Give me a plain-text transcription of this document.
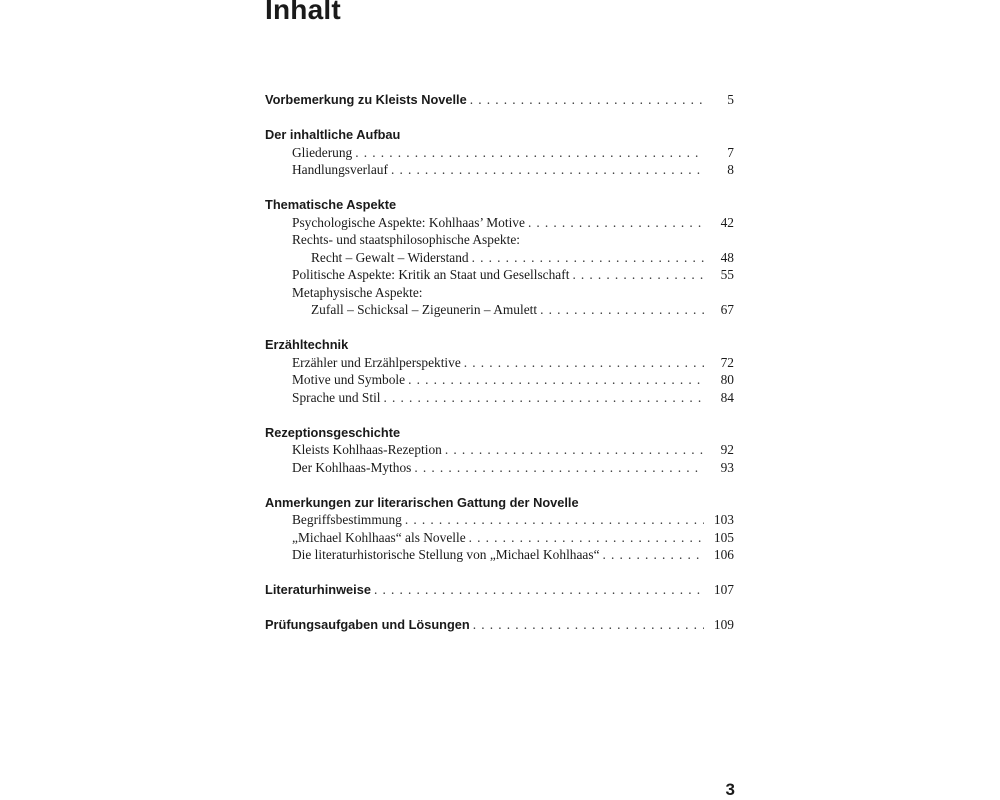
Inhalt
Vorbemerkung zu Kleists Novelle . . .	5
Der inhaltliche Aufbau
Gliederung . . .	7
Handlungsverlauf . . .	8
Thematische Aspekte
Psychologische Aspekte: Kohlhaas’ Motive . . .	42
Rechts- und staatsphilosophische Aspekte:
Recht – Gewalt – Widerstand . . .	48
Politische Aspekte: Kritik an Staat und Gesellschaft . . .	55
Metaphysische Aspekte:
Zufall – Schicksal – Zigeunerin – Amulett . . .	67
Erzähltechnik
Erzähler und Erzählperspektive . . .	72
Motive und Symbole . . .	80
Sprache und Stil . . .	84
Rezeptionsgeschichte
Kleists Kohlhaas-Rezeption . . .	92
Der Kohlhaas-Mythos . . .	93
Anmerkungen zur literarischen Gattung der Novelle
Begriffsbestimmung . . .	103
„Michael Kohlhaas“ als Novelle . . .	105
Die literaturhistorische Stellung von „Michael Kohlhaas“ . . .	106
Literaturhinweise . . .	107
Prüfungsaufgaben und Lösungen . . .	109
3
